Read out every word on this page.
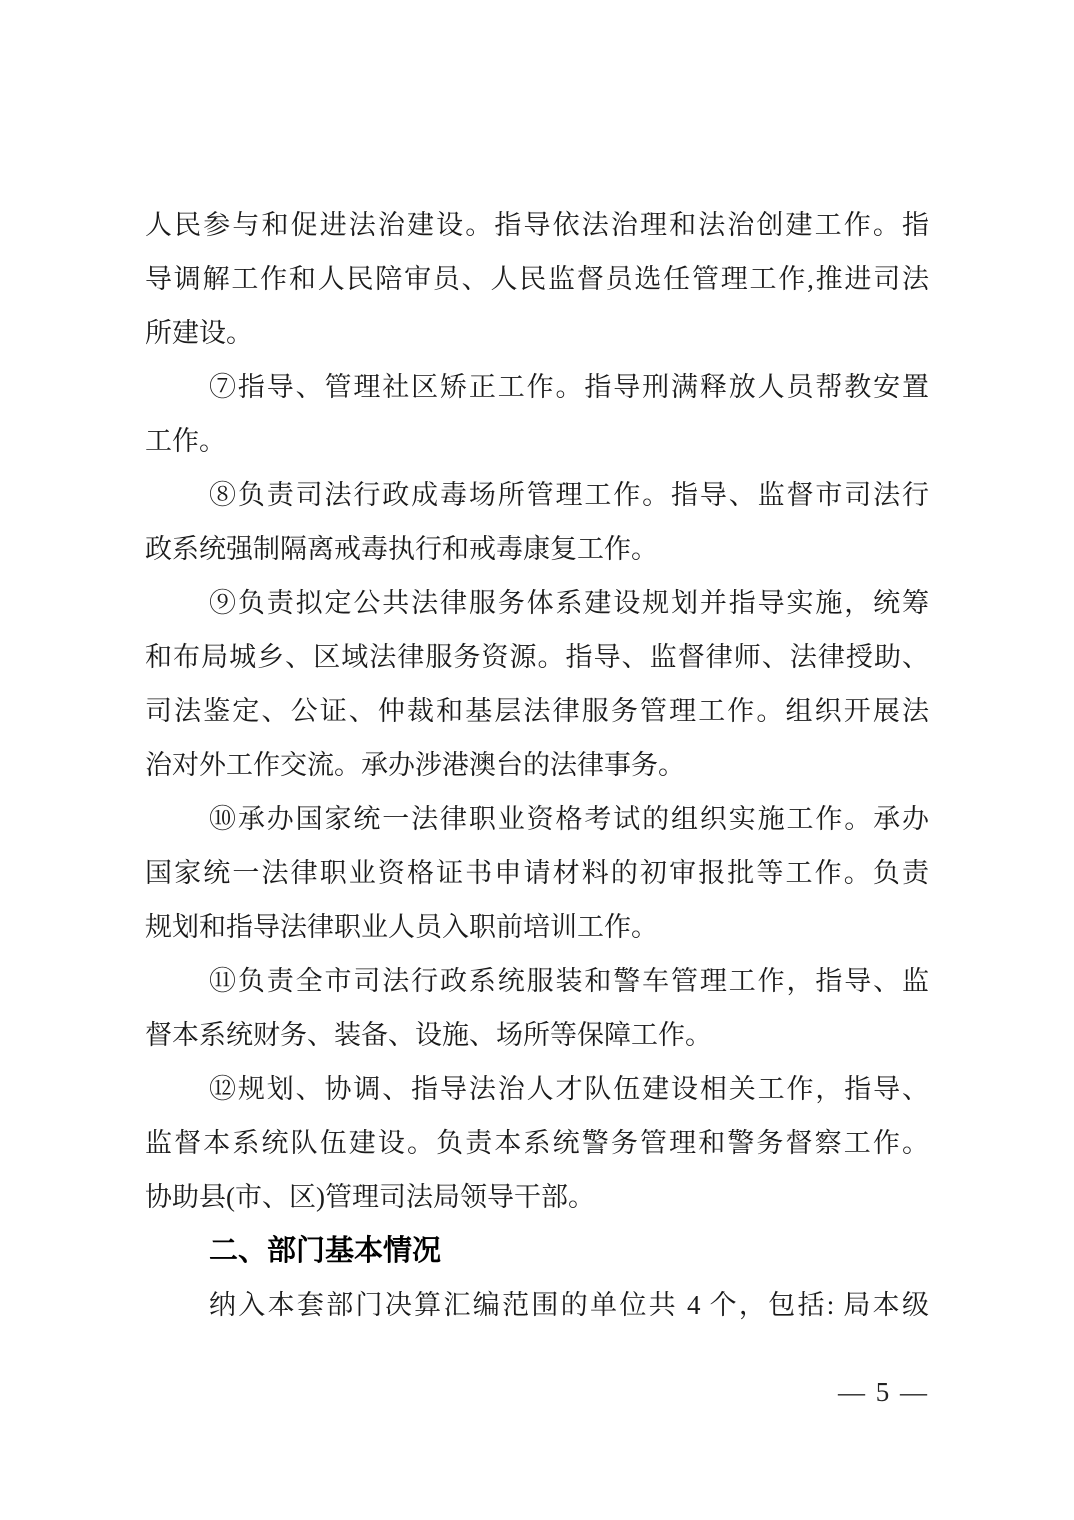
人民参与和促进法治建设。指导依法治理和法治创建工作。指
导调解工作和人民陪审员、人民监督员选任管理工作,推进司法
所建设。
⑦指导、管理社区矫正工作。指导刑满释放人员帮教安置
工作。
⑧负责司法行政成毒场所管理工作。指导、监督市司法行
政系统强制隔离戒毒执行和戒毒康复工作。
⑨负责拟定公共法律服务体系建设规划并指导实施，统筹
和布局城乡、区域法律服务资源。指导、监督律师、法律授助、
司法鉴定、公证、仲裁和基层法律服务管理工作。组织开展法
治对外工作交流。承办涉港澳台的法律事务。
⑩承办国家统一法律职业资格考试的组织实施工作。承办
国家统一法律职业资格证书申请材料的初审报批等工作。负责
规划和指导法律职业人员入职前培训工作。
⑪负责全市司法行政系统服装和警车管理工作，指导、监
督本系统财务、装备、设施、场所等保障工作。
⑫规划、协调、指导法治人才队伍建设相关工作，指导、
监督本系统队伍建设。负责本系统警务管理和警务督察工作。
协助县(市、区)管理司法局领导干部。
二、部门基本情况
纳入本套部门决算汇编范围的单位共 4 个，包括: 局本级
— 5 —
